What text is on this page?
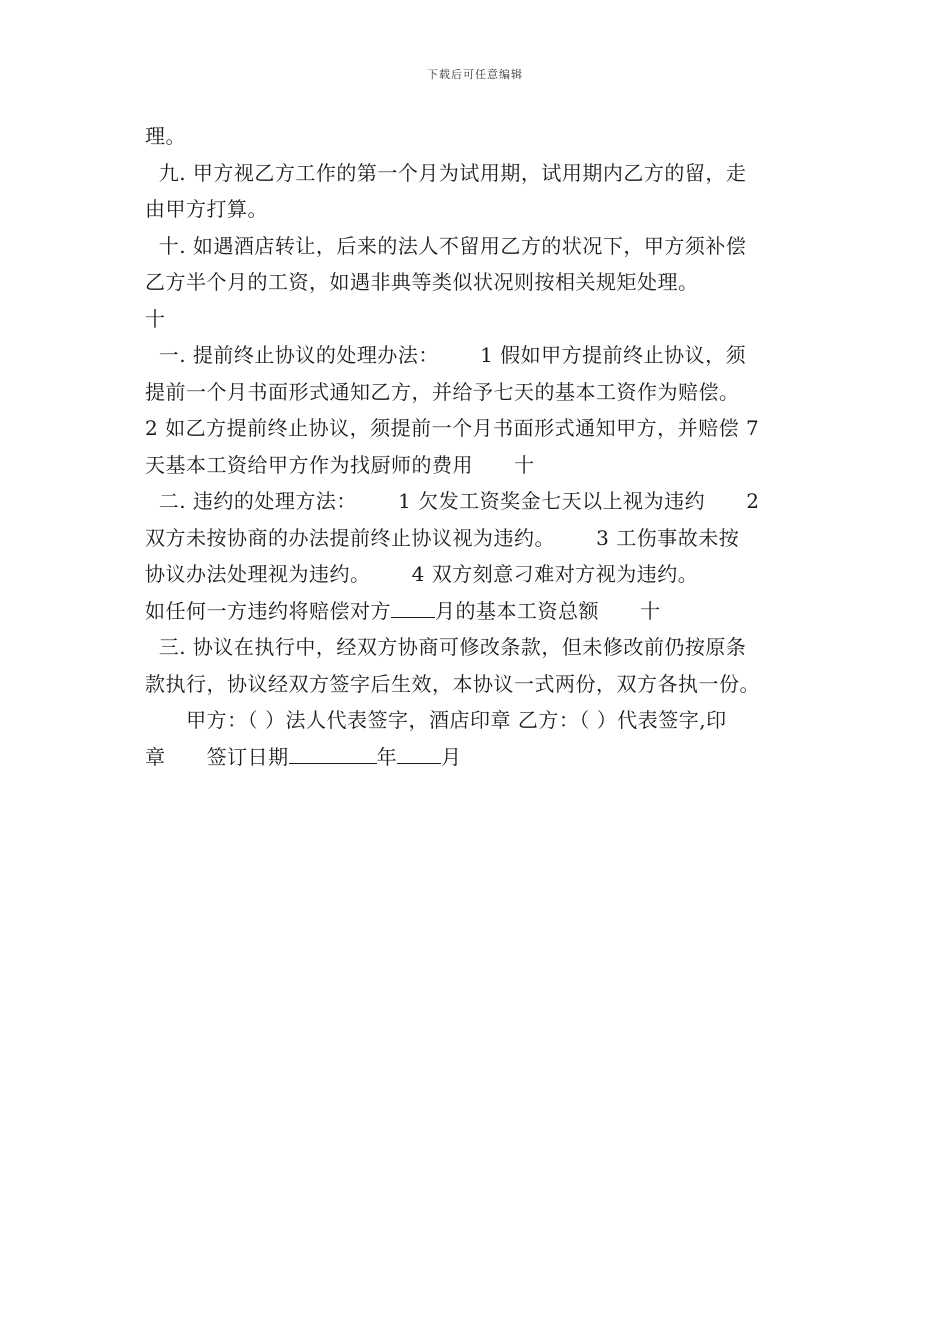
下载后可任意编辑
理。
九. 甲方视乙方工作的第一个月为试用期，试用期内乙方的留，走
由甲方打算。
十. 如遇酒店转让，后来的法人不留用乙方的状况下，甲方须补偿
乙方半个月的工资，如遇非典等类似状况则按相关规矩处理。
十
一. 提前终止协议的处理办法：      1 假如甲方提前终止协议，须
提前一个月书面形式通知乙方，并给予七天的基本工资作为赔偿。
2 如乙方提前终止协议，须提前一个月书面形式通知甲方，并赔偿 7
天基本工资给甲方作为找厨师的费用      十
二. 违约的处理方法：      1 欠发工资奖金七天以上视为违约      2
双方未按协商的办法提前终止协议视为违约。      3 工伤事故未按
协议办法处理视为违约。      4 双方刻意刁难对方视为违约。
如任何一方违约将赔偿对方 月的基本工资总额      十
三. 协议在执行中，经双方协商可修改条款，但未修改前仍按原条
款执行，协议经双方签字后生效，本协议一式两份，双方各执一份。
甲方：（ ）法人代表签字，酒店印章 乙方：（ ）代表签字,印
章      签订日期	年 月
